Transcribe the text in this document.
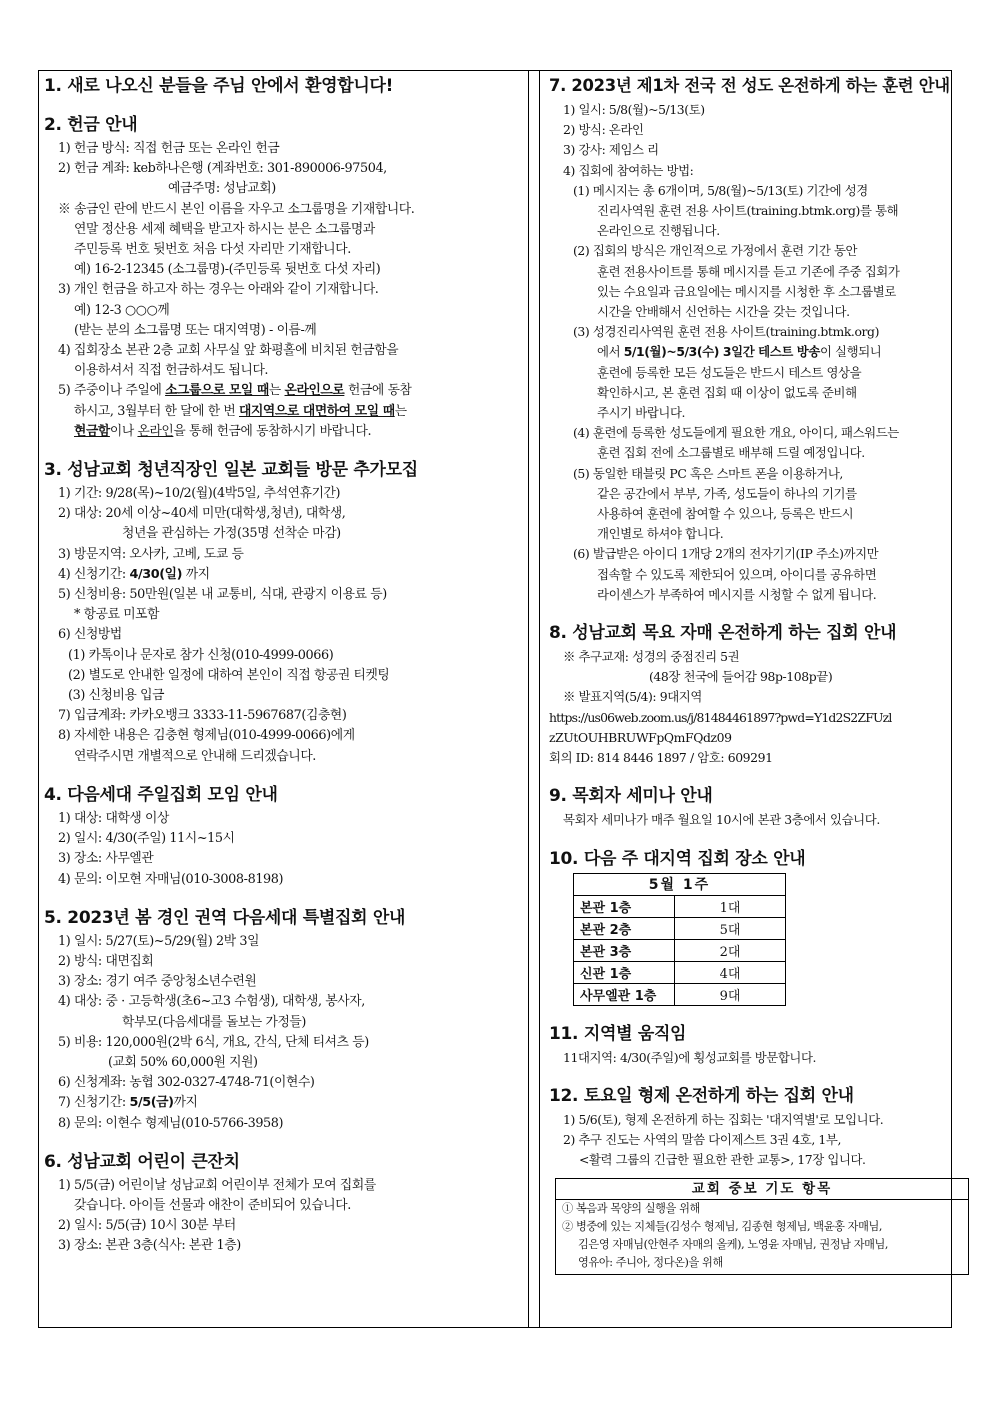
1. 새로 나오신 분들을 주님 안에서 환영합니다!
2. 헌금 안내
1) 헌금 방식: 직접 헌금 또는 온라인 헌금
2) 헌금 계좌: keb하나은행 (계좌번호: 301-890006-97504,
예금주명: 성남교회)
※ 송금인 란에 반드시 본인 이름을 자우고 소그룹명을 기재합니다.
연말 정산용 세제 혜택을 받고자 하시는 분은 소그룹명과
주민등록 번호 뒷번호 처음 다섯 자리만 기재합니다.
예) 16-2-12345 (소그룹명)-(주민등록 뒷번호 다섯 자리)
3) 개인 헌금을 하고자 하는 경우는 아래와 같이 기재합니다.
예) 12-3 ○○○께
(받는 분의 소그룹명 또는 대지역명) - 이름-께
4) 집회장소 본관 2층 교회 사무실 앞 화평홀에 비치된 헌금함을
이용하셔서 직접 헌금하셔도 됩니다.
5) 주중이나 주일에 소그룹으로 모일 때는 온라인으로 헌금에 동참
하시고, 3월부터 한 달에 한 번 대지역으로 대면하여 모일 때는
현금함이나 온라인을 통해 헌금에 동참하시기 바랍니다.
3. 성남교회 청년직장인 일본 교회들 방문 추가모집
1) 기간: 9/28(목)~10/2(월)(4박5일, 추석연휴기간)
2) 대상: 20세 이상~40세 미만(대학생,청년), 대학생,
청년을 관심하는 가정(35명 선착순 마감)
3) 방문지역: 오사카, 고베, 도쿄 등
4) 신청기간: 4/30(일) 까지
5) 신청비용: 50만원(일본 내 교통비, 식대, 관광지 이용료 등)
* 항공료 미포함
6) 신청방법
(1) 카톡이나 문자로 참가 신청(010-4999-0066)
(2) 별도로 안내한 일정에 대하여 본인이 직접 항공권 티켓팅
(3) 신청비용 입금
7) 입금계좌: 카카오뱅크 3333-11-5967687(김충현)
8) 자세한 내용은 김충현 형제님(010-4999-0066)에게
연락주시면 개별적으로 안내해 드리겠습니다.
4. 다음세대 주일집회 모임 안내
1) 대상: 대학생 이상
2) 일시: 4/30(주일) 11시~15시
3) 장소: 사무엘관
4) 문의: 이모현 자매님(010-3008-8198)
5. 2023년 봄 경인 권역 다음세대 특별집회 안내
1) 일시: 5/27(토)~5/29(월) 2박 3일
2) 방식: 대면집회
3) 장소: 경기 여주 중앙청소년수련원
4) 대상: 중 · 고등학생(초6~고3 수험생), 대학생, 봉사자,
학부모(다음세대를 돌보는 가정들)
5) 비용: 120,000원(2박 6식, 개요, 간식, 단체 티셔츠 등)
(교회 50% 60,000원 지원)
6) 신청계좌: 농협 302-0327-4748-71(이현수)
7) 신청기간: 5/5(금)까지
8) 문의: 이현수 형제님(010-5766-3958)
6. 성남교회 어린이 큰잔치
1) 5/5(금) 어린이날 성남교회 어린이부 전체가 모여 집회를
갖습니다. 아이들 선물과 애찬이 준비되어 있습니다.
2) 일시: 5/5(금) 10시 30분 부터
3) 장소: 본관 3층(식사: 본관 1층)
7. 2023년 제1차 전국 전 성도 온전하게 하는 훈련 안내
1) 일시: 5/8(월)~5/13(토)
2) 방식: 온라인
3) 강사: 제임스 리
4) 집회에 참여하는 방법:
(1) 메시지는 총 6개이며, 5/8(월)~5/13(토) 기간에 성경
진리사역원 훈련 전용 사이트(training.btmk.org)를 통해
온라인으로 진행됩니다.
(2) 집회의 방식은 개인적으로 가정에서 훈련 기간 동안
훈련 전용사이트를 통해 메시지를 듣고 기존에 주중 집회가
있는 수요일과 금요일에는 메시지를 시청한 후 소그룹별로
시간을 안배해서 신언하는 시간을 갖는 것입니다.
(3) 성경진리사역원 훈련 전용 사이트(training.btmk.org)
에서 5/1(월)~5/3(수) 3일간 테스트 방송이 실행되니
훈련에 등록한 모든 성도들은 반드시 테스트 영상을
확인하시고, 본 훈련 집회 때 이상이 없도록 준비해
주시기 바랍니다.
(4) 훈련에 등록한 성도들에게 필요한 개요, 아이디, 패스워드는
훈련 집회 전에 소그룹별로 배부해 드릴 예정입니다.
(5) 동일한 태블릿 PC 혹은 스마트 폰을 이용하거나,
같은 공간에서 부부, 가족, 성도들이 하나의 기기를
사용하여 훈련에 참여할 수 있으나, 등록은 반드시
개인별로 하셔야 합니다.
(6) 발급받은 아이디 1개당 2개의 전자기기(IP 주소)까지만
접속할 수 있도록 제한되어 있으며, 아이디를 공유하면
라이센스가 부족하여 메시지를 시청할 수 없게 됩니다.
8. 성남교회 목요 자매 온전하게 하는 집회 안내
※ 추구교재: 성경의 중점진리 5권
(48장 천국에 들어감 98p-108p끝)
※ 발표지역(5/4): 9대지역
https://us06web.zoom.us/j/81484461897?pwd=Y1d2S2ZFUzl
zZUtOUHBRUWFpQmFQdz09
회의 ID: 814 8446 1897 / 암호: 609291
9. 목회자 세미나 안내
목회자 세미나가 매주 월요일 10시에 본관 3층에서 있습니다.
10. 다음 주 대지역 집회 장소 안내
5월 1주	
본관 1층	1대
본관 2층	5대
본관 3층	2대
신관 1층	4대
사무엘관 1층	9대
11. 지역별 움직임
11대지역: 4/30(주일)에 횡성교회를 방문합니다.
12. 토요일 형제 온전하게 하는 집회 안내
1) 5/6(토), 형제 온전하게 하는 집회는 '대지역별'로 모입니다.
2) 추구 진도는 사역의 말씀 다이제스트 3권 4호, 1부,
<활력 그룹의 긴급한 필요한 관한 교통>, 17장 입니다.
교회 중보 기도 항목
① 복음과 목양의 실행을 위해
② 병중에 있는 지체들(김성수 형제님, 김종현 형제님, 백윤홍 자매님,
김은영 자매님(안현주 자매의 올케), 노영윤 자매님, 권정남 자매님,
영유아: 주니아, 정다온)을 위해
